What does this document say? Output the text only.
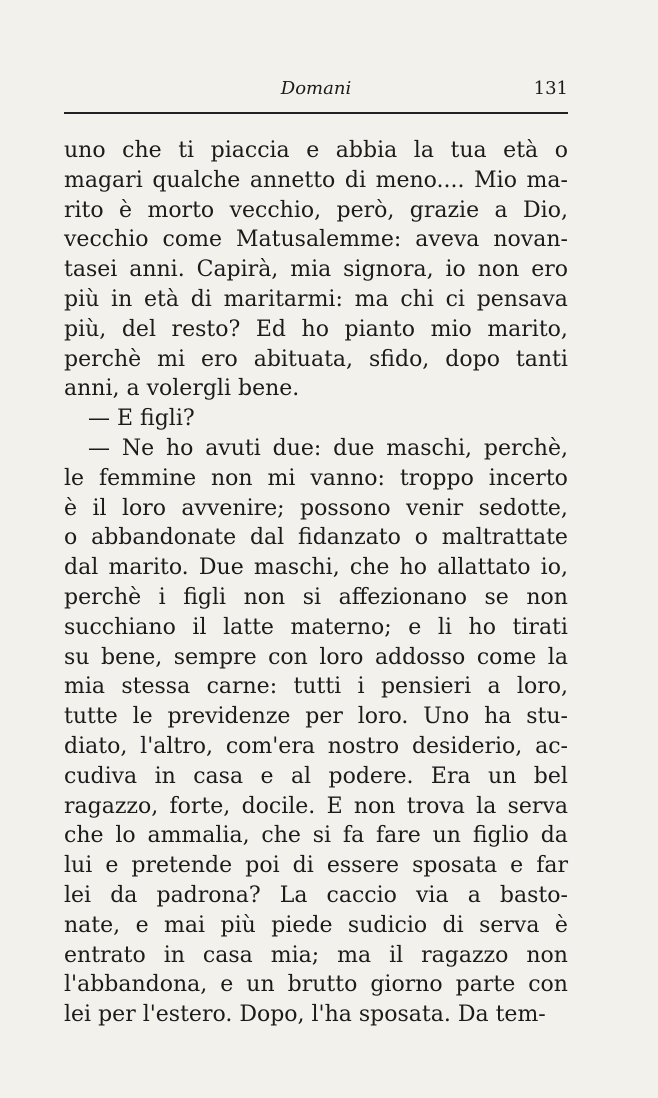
Domani	131
uno che ti piaccia e abbia la tua età o
magari qualche annetto di meno.... Mio ma-
rito è morto vecchio, però, grazie a Dio,
vecchio come Matusalemme: aveva novan-
tasei anni. Capirà, mia signora, io non ero
più in età di maritarmi: ma chi ci pensava
più, del resto? Ed ho pianto mio marito,
perchè mi ero abituata, sfido, dopo tanti
anni, a volergli bene.
— E figli?
— Ne ho avuti due: due maschi, perchè,
le femmine non mi vanno: troppo incerto
è il loro avvenire; possono venir sedotte,
o abbandonate dal fidanzato o maltrattate
dal marito. Due maschi, che ho allattato io,
perchè i figli non si affezionano se non
succhiano il latte materno; e li ho tirati
su bene, sempre con loro addosso come la
mia stessa carne: tutti i pensieri a loro,
tutte le previdenze per loro. Uno ha stu-
diato, l'altro, com'era nostro desiderio, ac-
cudiva in casa e al podere. Era un bel
ragazzo, forte, docile. E non trova la serva
che lo ammalia, che si fa fare un figlio da
lui e pretende poi di essere sposata e far
lei da padrona? La caccio via a basto-
nate, e mai più piede sudicio di serva è
entrato in casa mia; ma il ragazzo non
l'abbandona, e un brutto giorno parte con
lei per l'estero. Dopo, l'ha sposata. Da tem-
